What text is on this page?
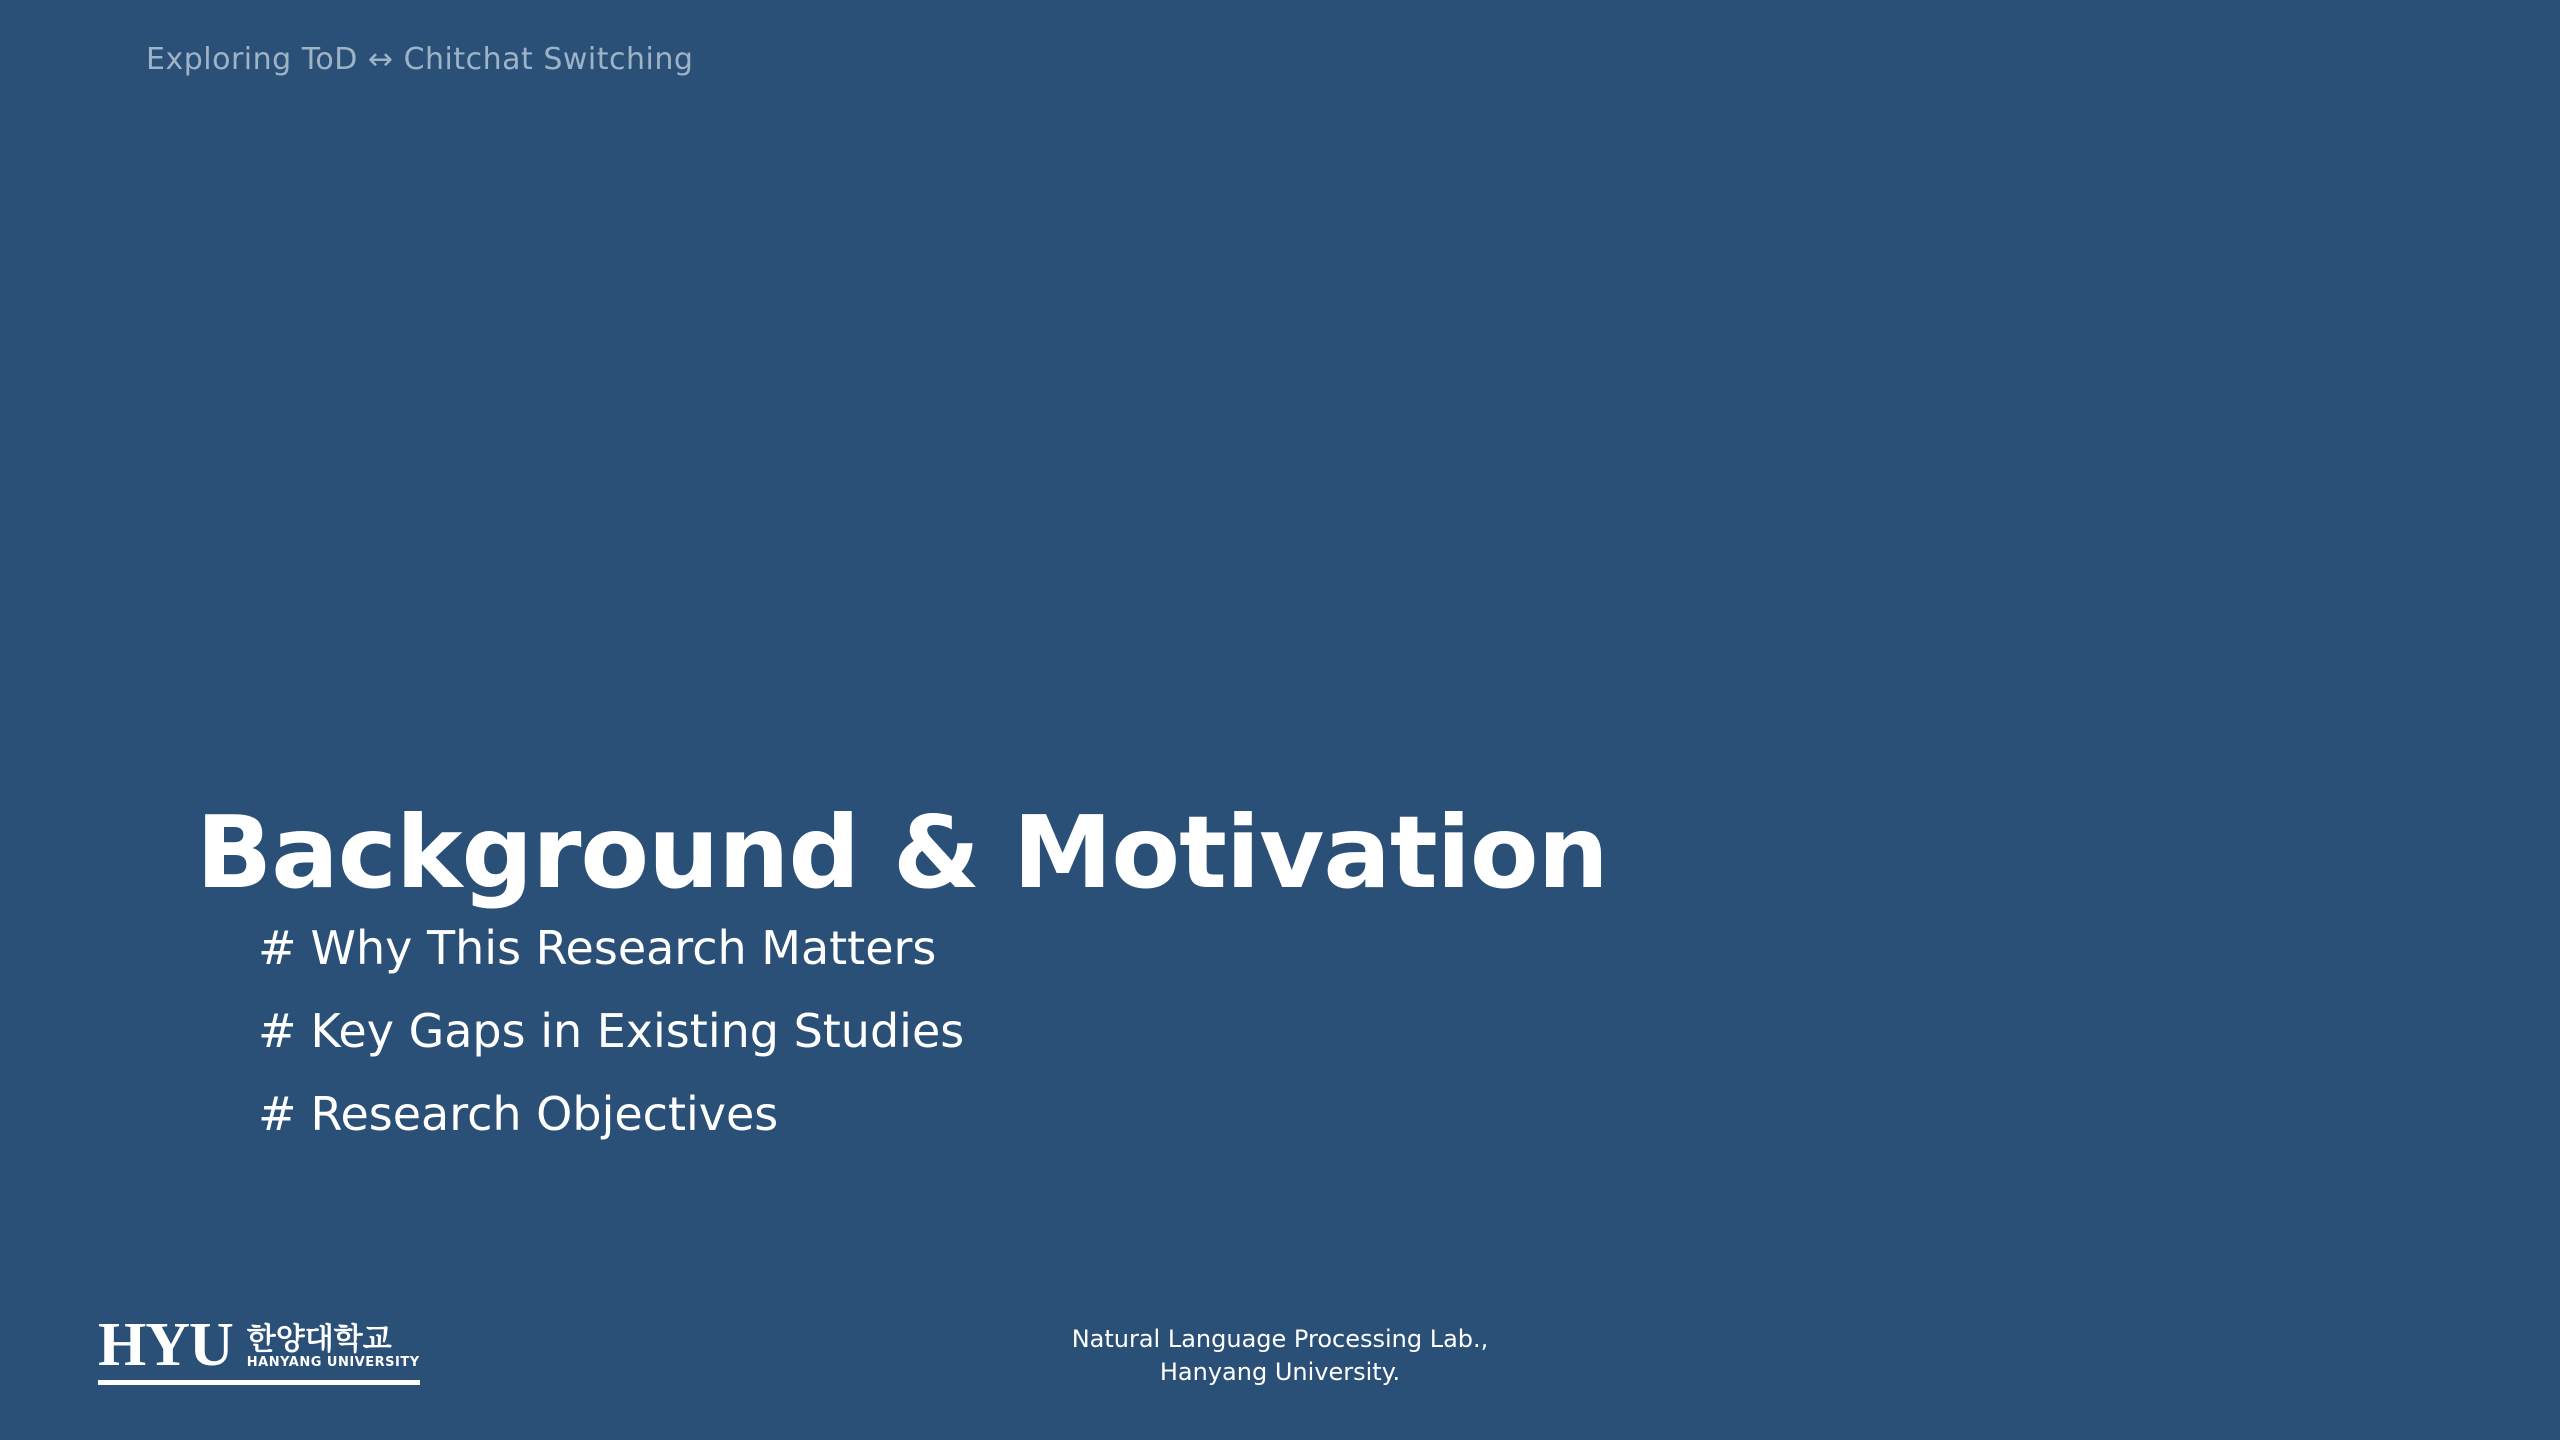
Exploring ToD ↔ Chitchat Switching
Background & Motivation
# Why This Research Matters
# Key Gaps in Existing Studies
# Research Objectives
HYU 한양대학교
HANYANG UNIVERSITY
Natural Language Processing Lab.,
Hanyang University.
